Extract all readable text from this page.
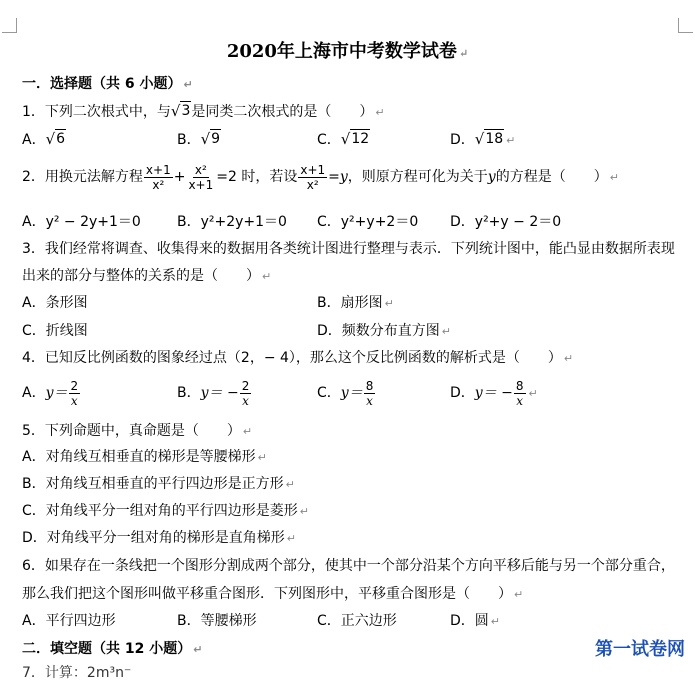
2020年上海市中考数学试卷 ↵
一．选择题（共 6 小题） ↵
1．下列二次根式中，与 √ 3 是同类二次根式的是（　　） ↵
A． √ 6	B． √ 9	C． √ 12	D． √ 18 ↵
2．用换元法解方程 $\frac{x+1}{\text{x²}} + \frac{\text{x²}}{x+1} =2$ 时，若设 $\frac{x+1}{\text{x²}} =y$，则原方程可化为关于y的方程是（　　） ↵
A．y² − 2y+1＝0	B．y²+2y+1＝0 C．y²+y+2＝0 D．y²+y − 2＝0
3．我们经常将调查、收集得来的数据用各类统计图进行整理与表示．下列统计图中，能凸显由数据所表现
出来的部分与整体的关系的是（　　） ↵
A．条形图	B．扇形图 ↵
C．折线图	D．频数分布直方图 ↵
4．已知反比例函数的图象经过点（2，− 4），那么这个反比例函数的解析式是（　　） ↵
A．$y= \frac{2}{x}$	B．$y= - \frac{2}{x}$	C．$y= \frac{8}{x}$	D．$y= - \frac{8}{x}$ ↵
5．下列命题中，真命题是（　　） ↵
A．对角线互相垂直的梯形是等腰梯形 ↵
B．对角线互相垂直的平行四边形是正方形 ↵
C．对角线平分一组对角的平行四边形是菱形 ↵
D．对角线平分一组对角的梯形是直角梯形 ↵
6．如果存在一条线把一个图形分割成两个部分，使其中一个部分沿某个方向平移后能与另一个部分重合，
那么我们把这个图形叫做平移重合图形．下列图形中，平移重合图形是（　　） ↵
A．平行四边形	B．等腰梯形	C．正六边形	D．圆 ↵
二．填空题（共 12 小题） ↵
7．计算：2m³n⁻
第一试卷网
